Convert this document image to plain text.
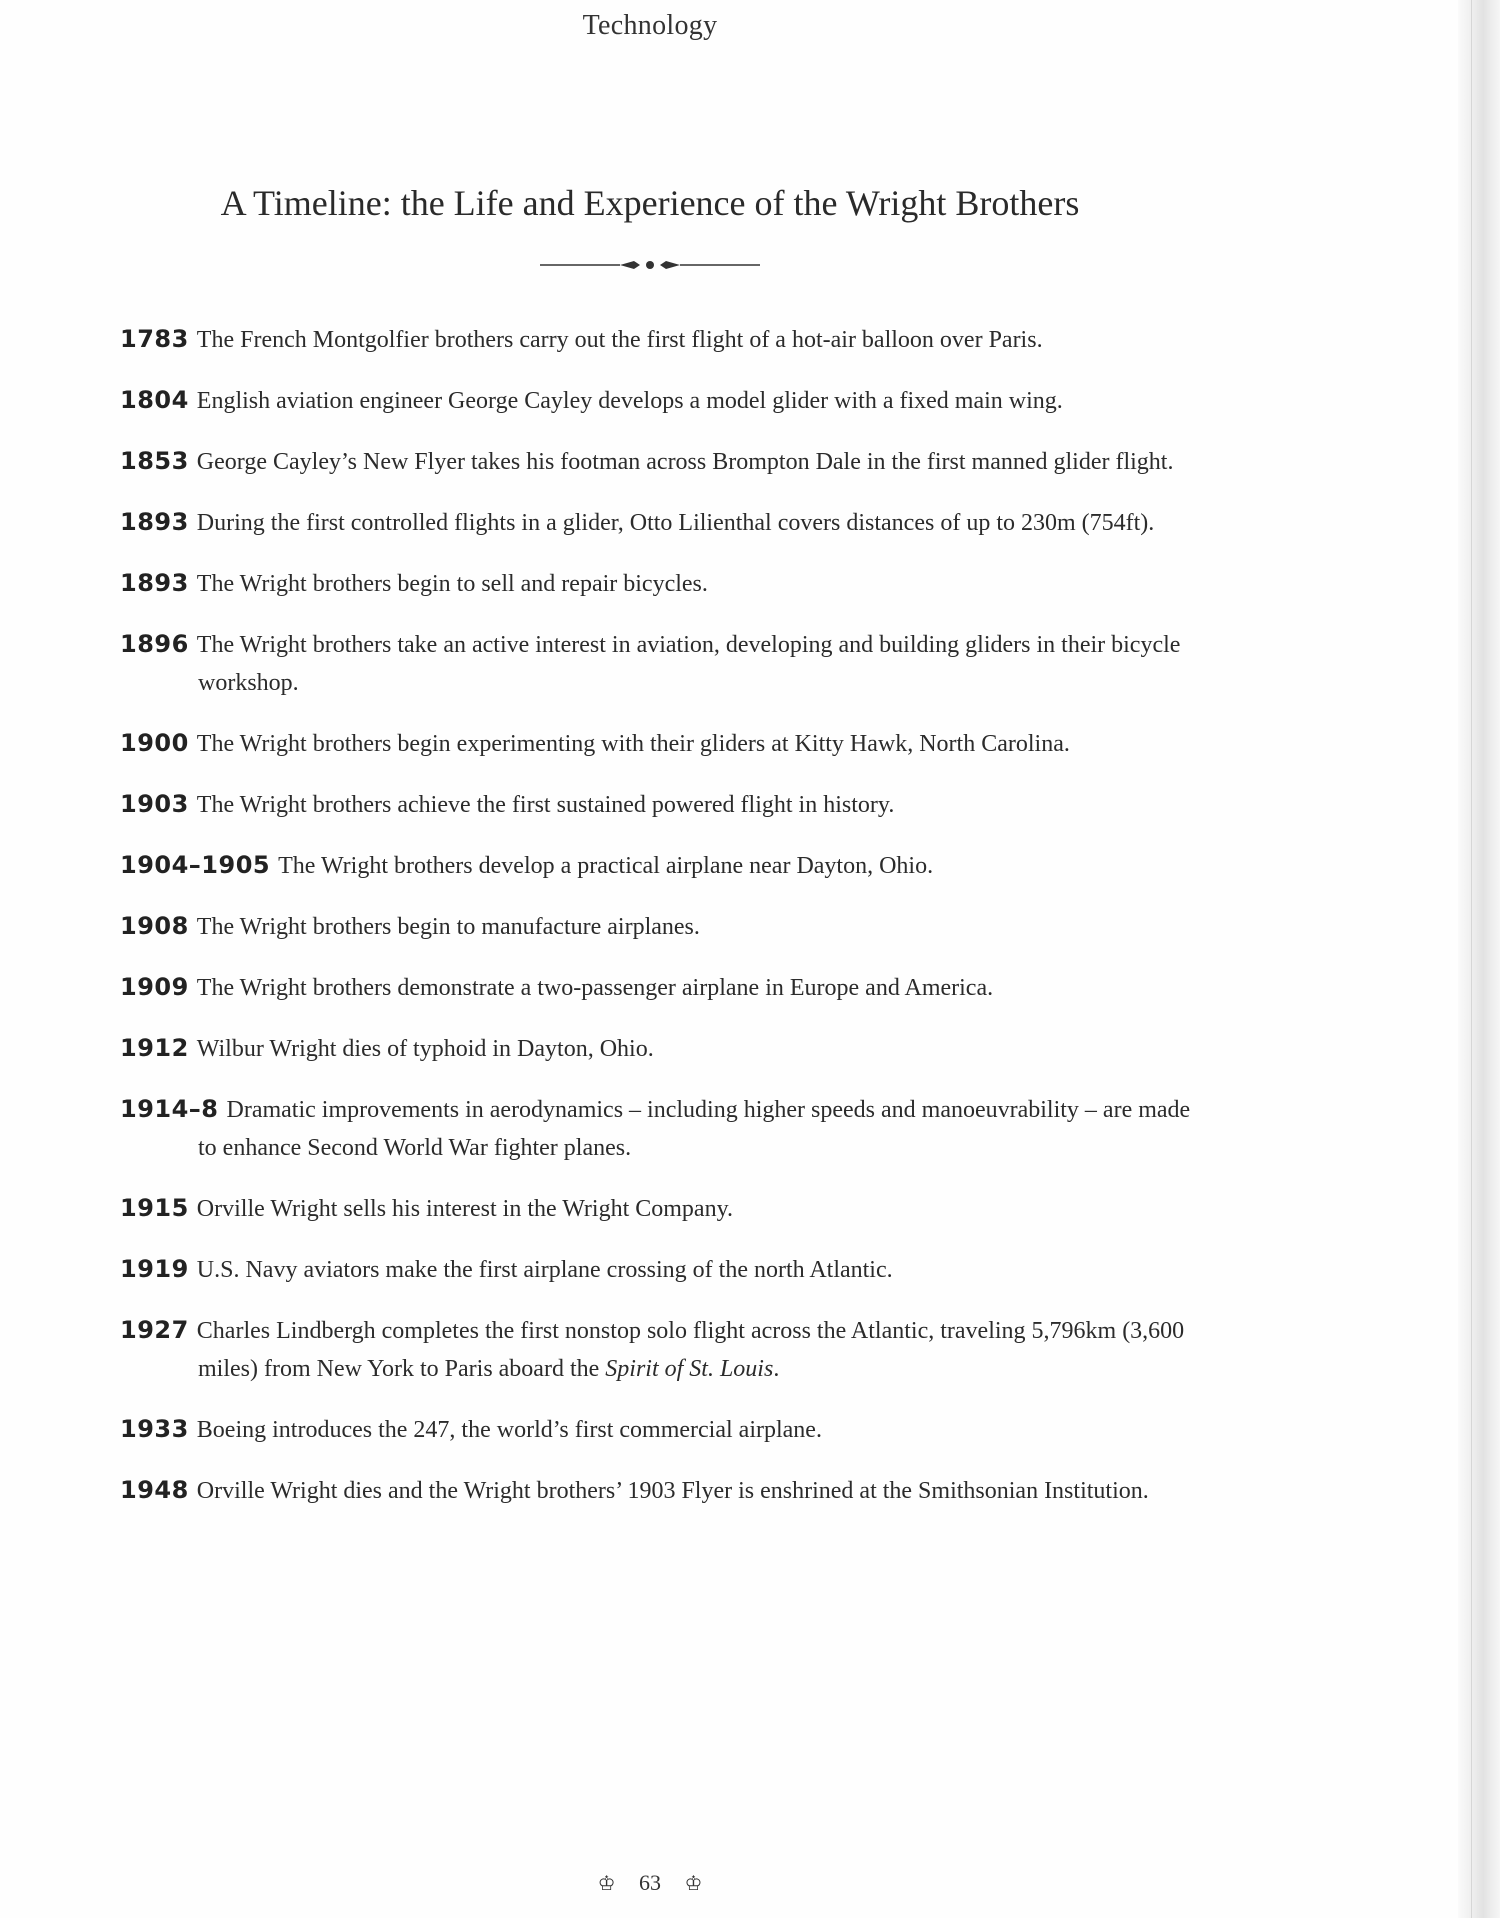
Technology
A Timeline: the Life and Experience of the Wright Brothers
1783 The French Montgolfier brothers carry out the first flight of a hot-air balloon over Paris.
1804 English aviation engineer George Cayley develops a model glider with a fixed main wing.
1853 George Cayley’s New Flyer takes his footman across Brompton Dale in the first manned glider flight.
1893 During the first controlled flights in a glider, Otto Lilienthal covers distances of up to 230m (754ft).
1893 The Wright brothers begin to sell and repair bicycles.
1896 The Wright brothers take an active interest in aviation, developing and building gliders in their bicycle workshop.
1900 The Wright brothers begin experimenting with their gliders at Kitty Hawk, North Carolina.
1903 The Wright brothers achieve the first sustained powered flight in history.
1904–1905 The Wright brothers develop a practical airplane near Dayton, Ohio.
1908 The Wright brothers begin to manufacture airplanes.
1909 The Wright brothers demonstrate a two-passenger airplane in Europe and America.
1912 Wilbur Wright dies of typhoid in Dayton, Ohio.
1914–8 Dramatic improvements in aerodynamics – including higher speeds and manoeuvrability – are made to enhance Second World War fighter planes.
1915 Orville Wright sells his interest in the Wright Company.
1919 U.S. Navy aviators make the first airplane crossing of the north Atlantic.
1927 Charles Lindbergh completes the first nonstop solo flight across the Atlantic, traveling 5,796km (3,600 miles) from New York to Paris aboard the Spirit of St. Louis.
1933 Boeing introduces the 247, the world’s first commercial airplane.
1948 Orville Wright dies and the Wright brothers’ 1903 Flyer is enshrined at the Smithsonian Institution.
♔ 63 ♔
